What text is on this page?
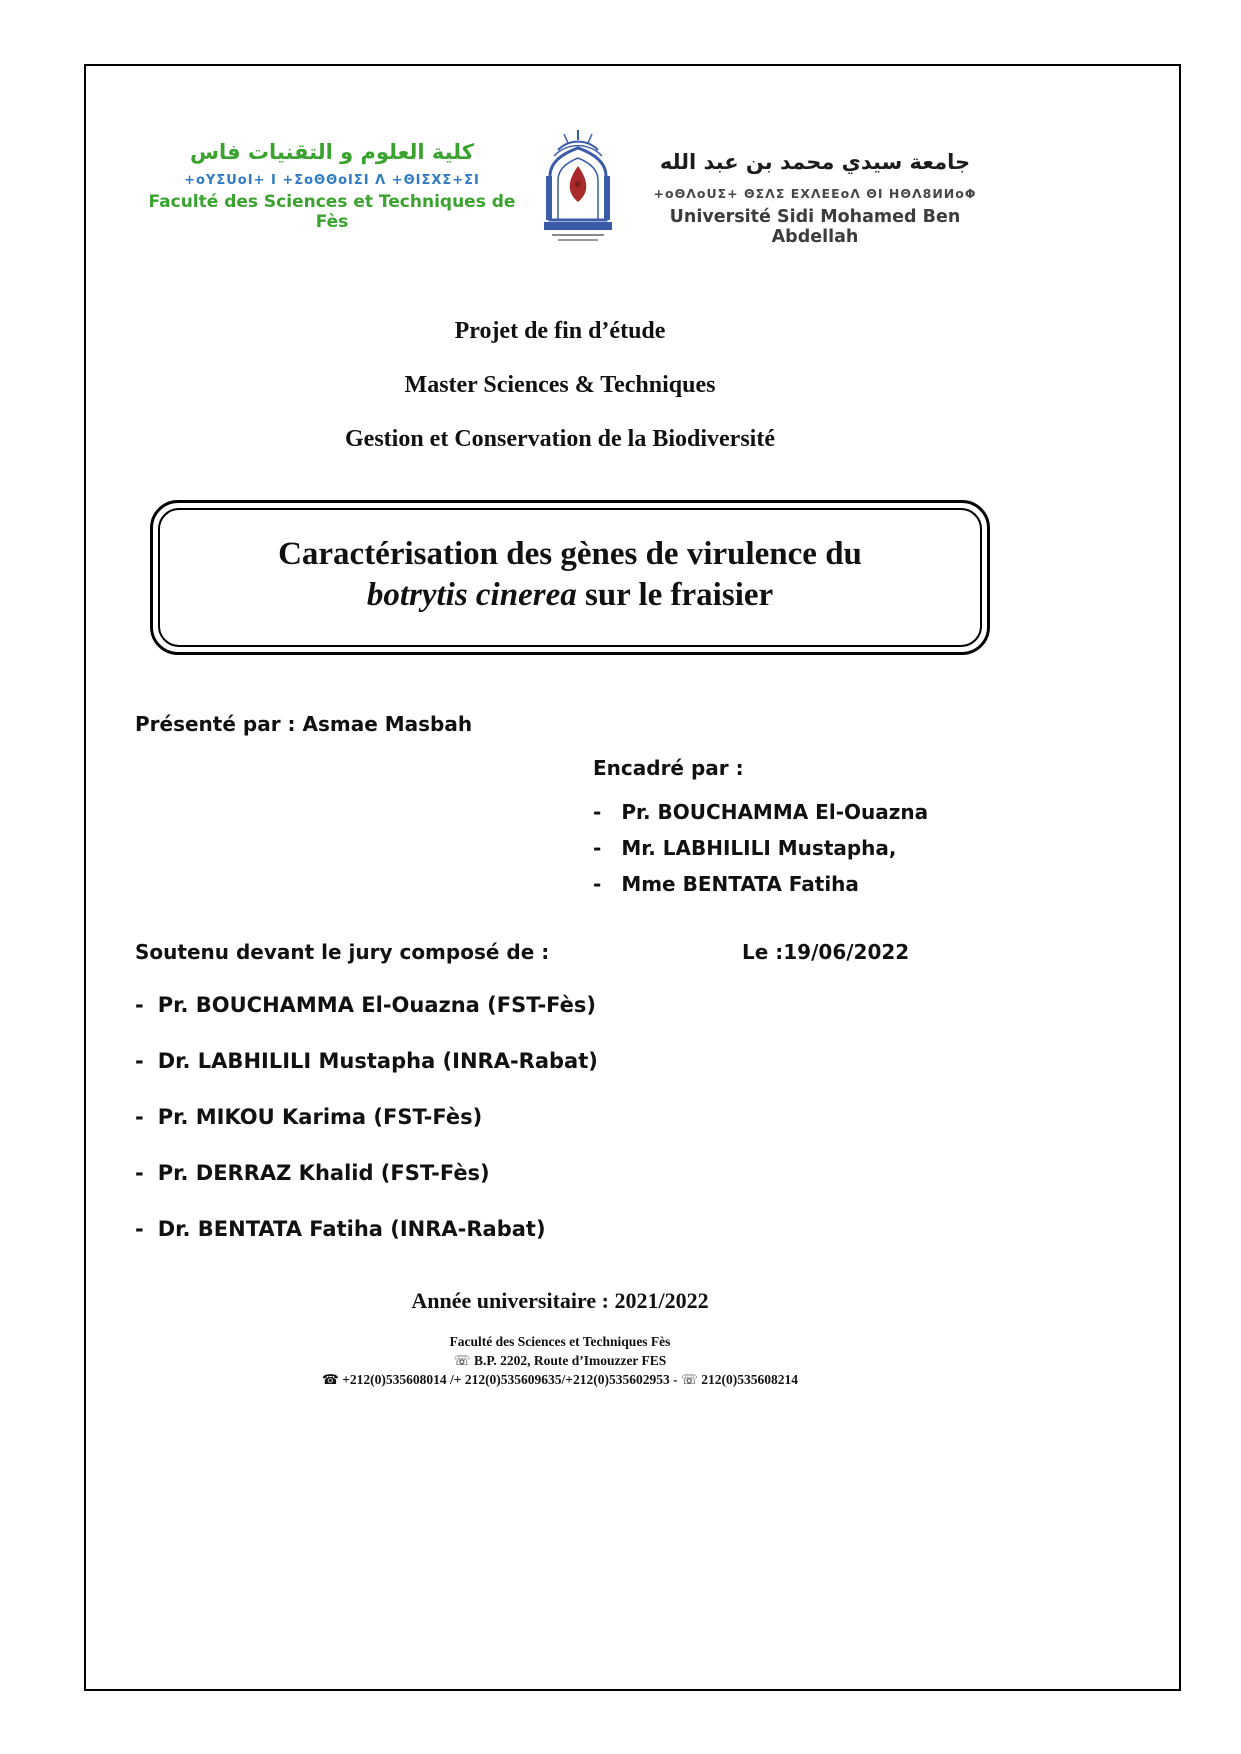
كلية العلوم و التقنيات فاس
+oYΣUoI+ I +ΣoΘΘoIΣI Λ +ΘΙΣΧΣ+ΣΙ
Faculté des Sciences et Techniques de Fès
جامعة سيدي محمد بن عبد الله
+oΘΛoUΣ+ ΘΣΛΣ ΕΧΛΕΕoΛ ΘΙ ΗΘΛ8ИИoΦ
Université Sidi Mohamed Ben Abdellah
Projet de fin d’étude
Master Sciences & Techniques
Gestion et Conservation de la Biodiversité
Caractérisation des gènes de virulence du
botrytis cinerea sur le fraisier
Présenté par : Asmae Masbah
Encadré par :
- Pr. BOUCHAMMA El-Ouazna
- Mr. LABHILILI Mustapha,
- Mme BENTATA Fatiha
Soutenu devant le jury composé de :	Le :19/06/2022
- Pr. BOUCHAMMA El-Ouazna (FST-Fès)
- Dr. LABHILILI Mustapha (INRA-Rabat)
- Pr. MIKOU Karima (FST-Fès)
- Pr. DERRAZ Khalid (FST-Fès)
- Dr. BENTATA Fatiha (INRA-Rabat)
Année universitaire : 2021/2022
Faculté des Sciences et Techniques Fès
☏ B.P. 2202, Route d’Imouzzer FES
☎ +212(0)535608014 /+ 212(0)535609635/+212(0)535602953 - ☏ 212(0)535608214
